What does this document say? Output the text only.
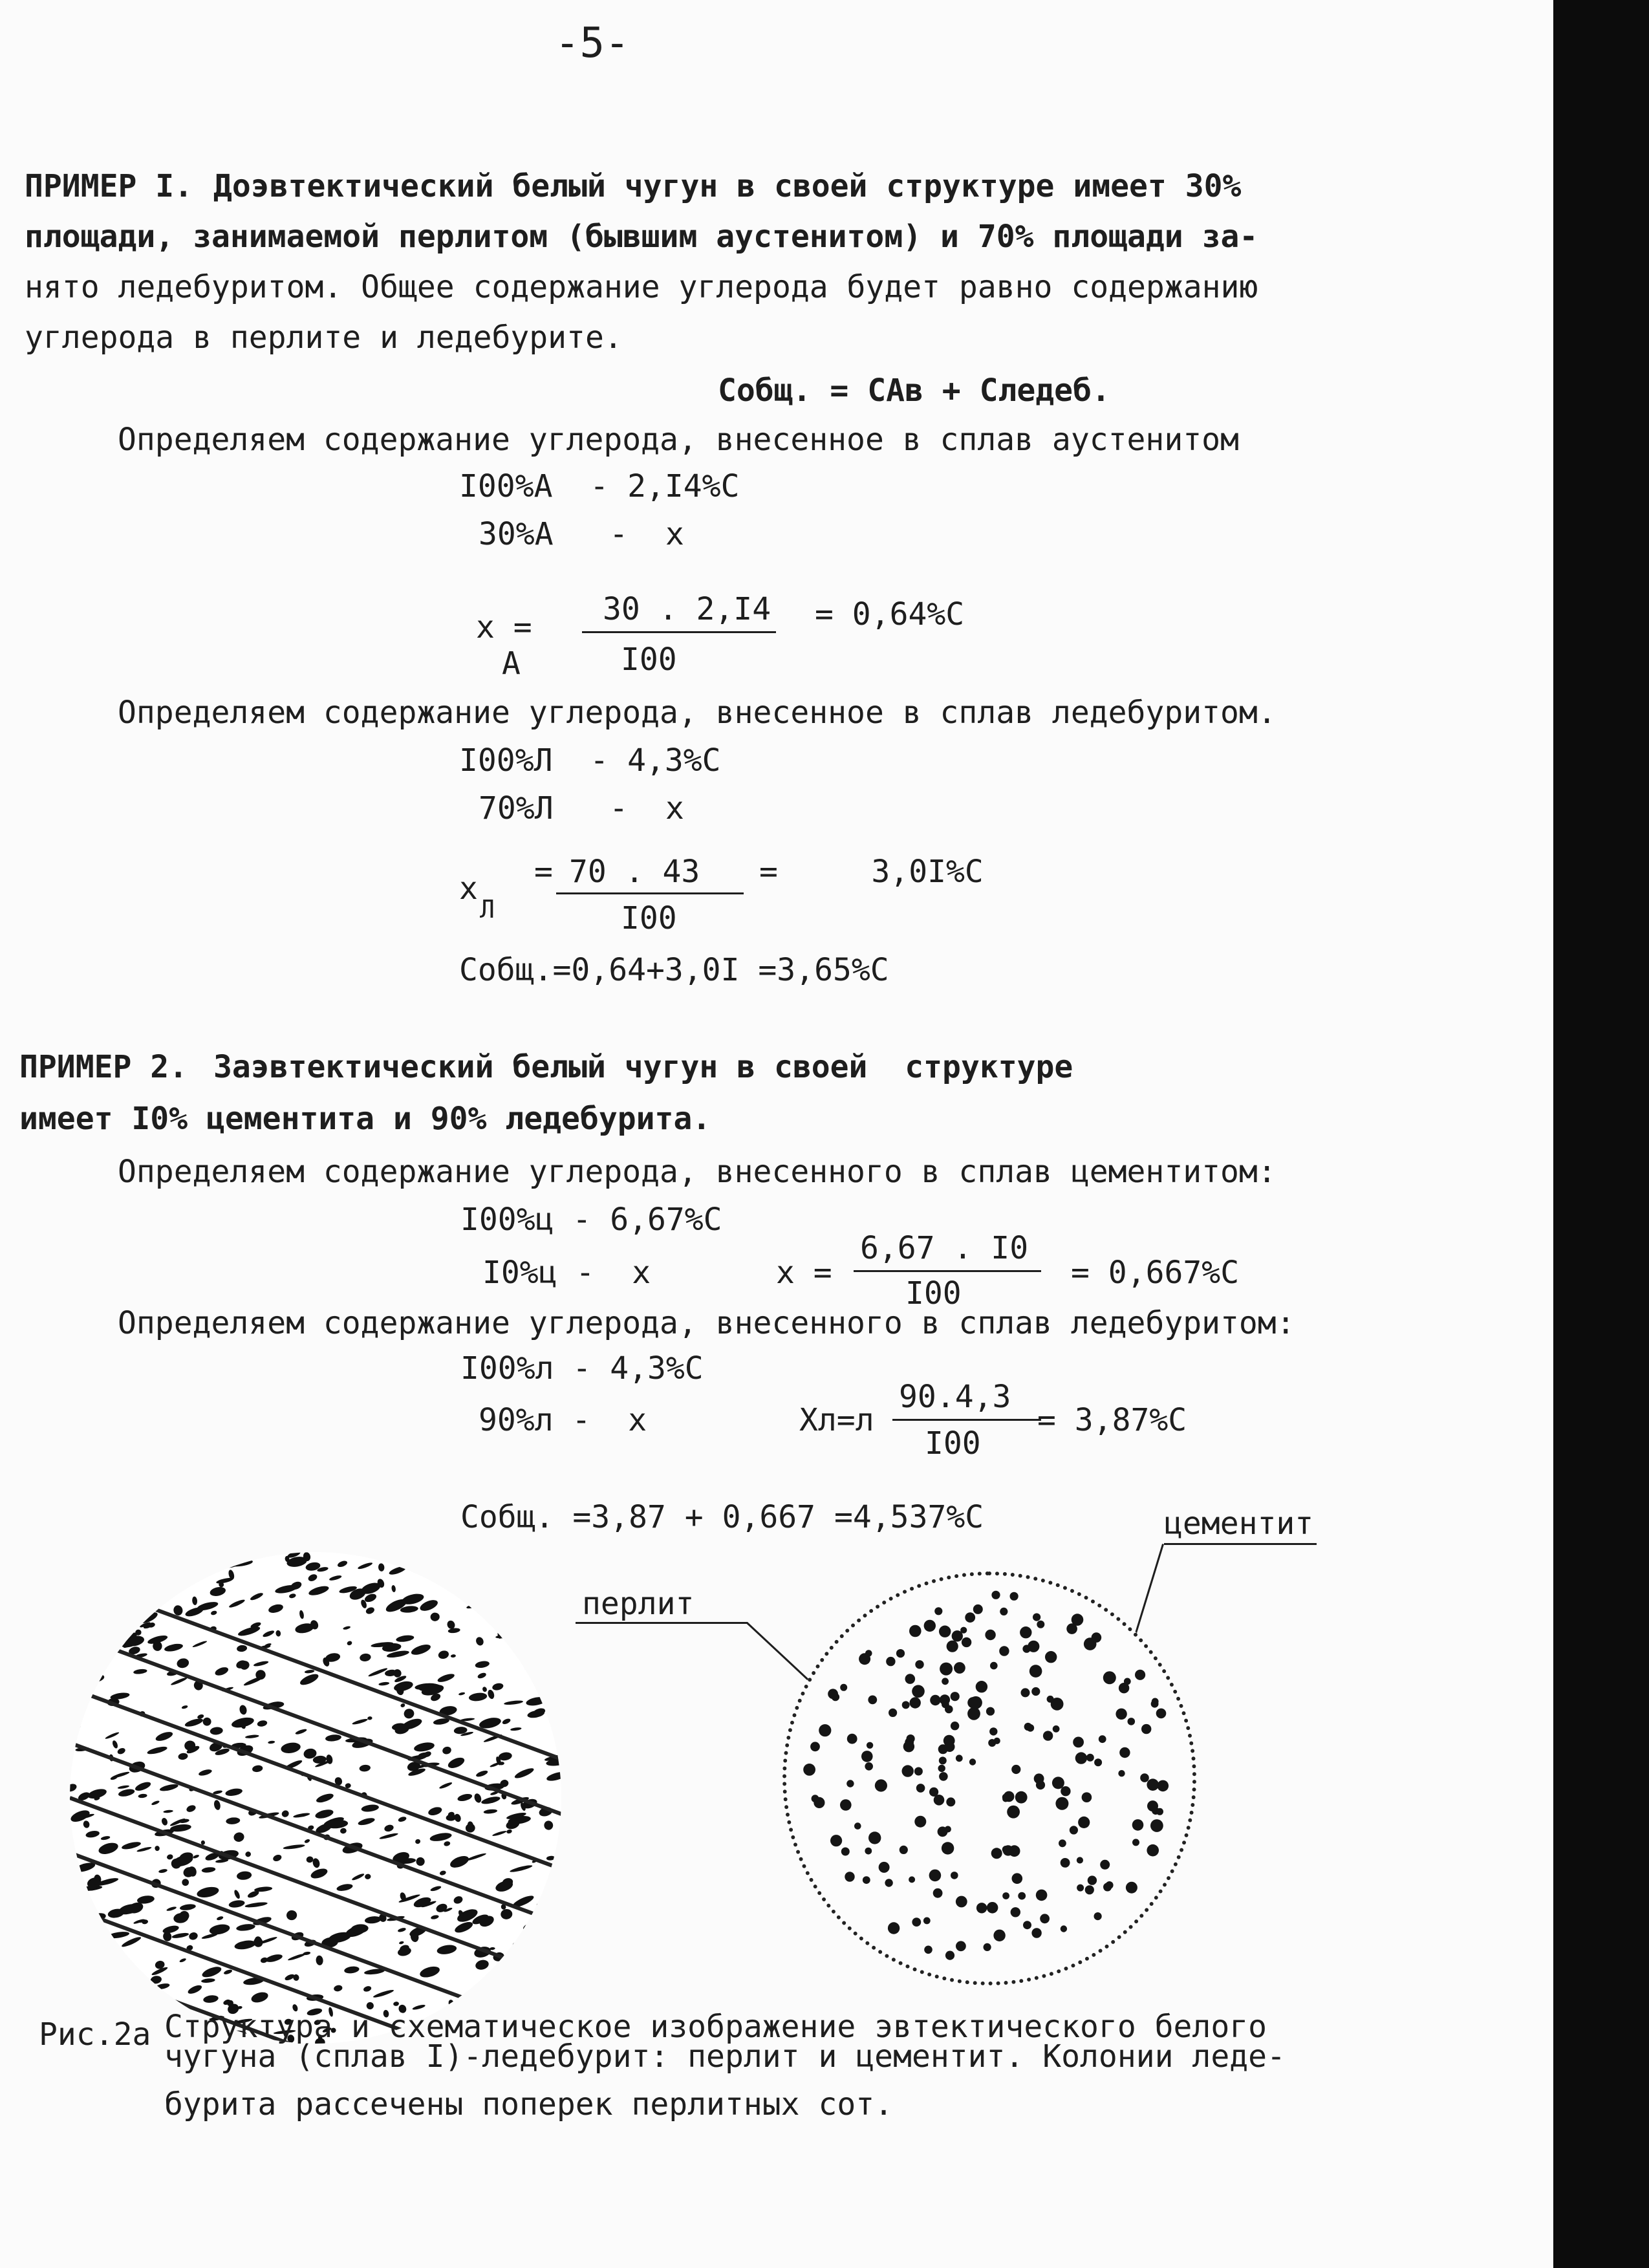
-5-
ПРИМЕР I. Доэвтектический белый чугун в своей структуре имеет 30%
площади, занимаемой перлитом (бывшим аустенитом) и 70% площади за-
нято ледебуритом. Общее содержание углерода будет равно содержанию
углерода в перлите и ледебурите.
Cобщ. = CАв + Cледеб.
Определяем содержание углерода, внесенное в сплав аустенитом
I00%А  - 2,I4%С
30%А   -  х
х =
А
30 . 2,I4
I00
= 0,64%С
Определяем содержание углерода, внесенное в сплав ледебуритом.
I00%Л  - 4,3%С
70%Л   -  х
х
Л
= 70 . 43
I00
=     3,0I%С
Cобщ.=0,64+3,0I =3,65%С
ПРИМЕР 2. Заэвтектический белый чугун в своей  структуре
имеет I0% цементита и 90% ледебурита.
Определяем содержание углерода, внесенного в сплав цементитом:
I00%ц - 6,67%С
I0%ц -  х	х =
6,67 . I0
I00
= 0,667%С
Определяем содержание углерода, внесенного в сплав ледебуритом:
I00%л - 4,3%С
90%л -  х	Хл=л
90.4,3
I00
= 3,87%С
Cобщ. =3,87 + 0,667 =4,537%С	цементит
перлит
Рис.2а Структура и схематическое изображение эвтектического белого
чугуна (сплав I)-ледебурит: перлит и цементит. Колонии ледe-
бурита рассечены поперек перлитных сот.
